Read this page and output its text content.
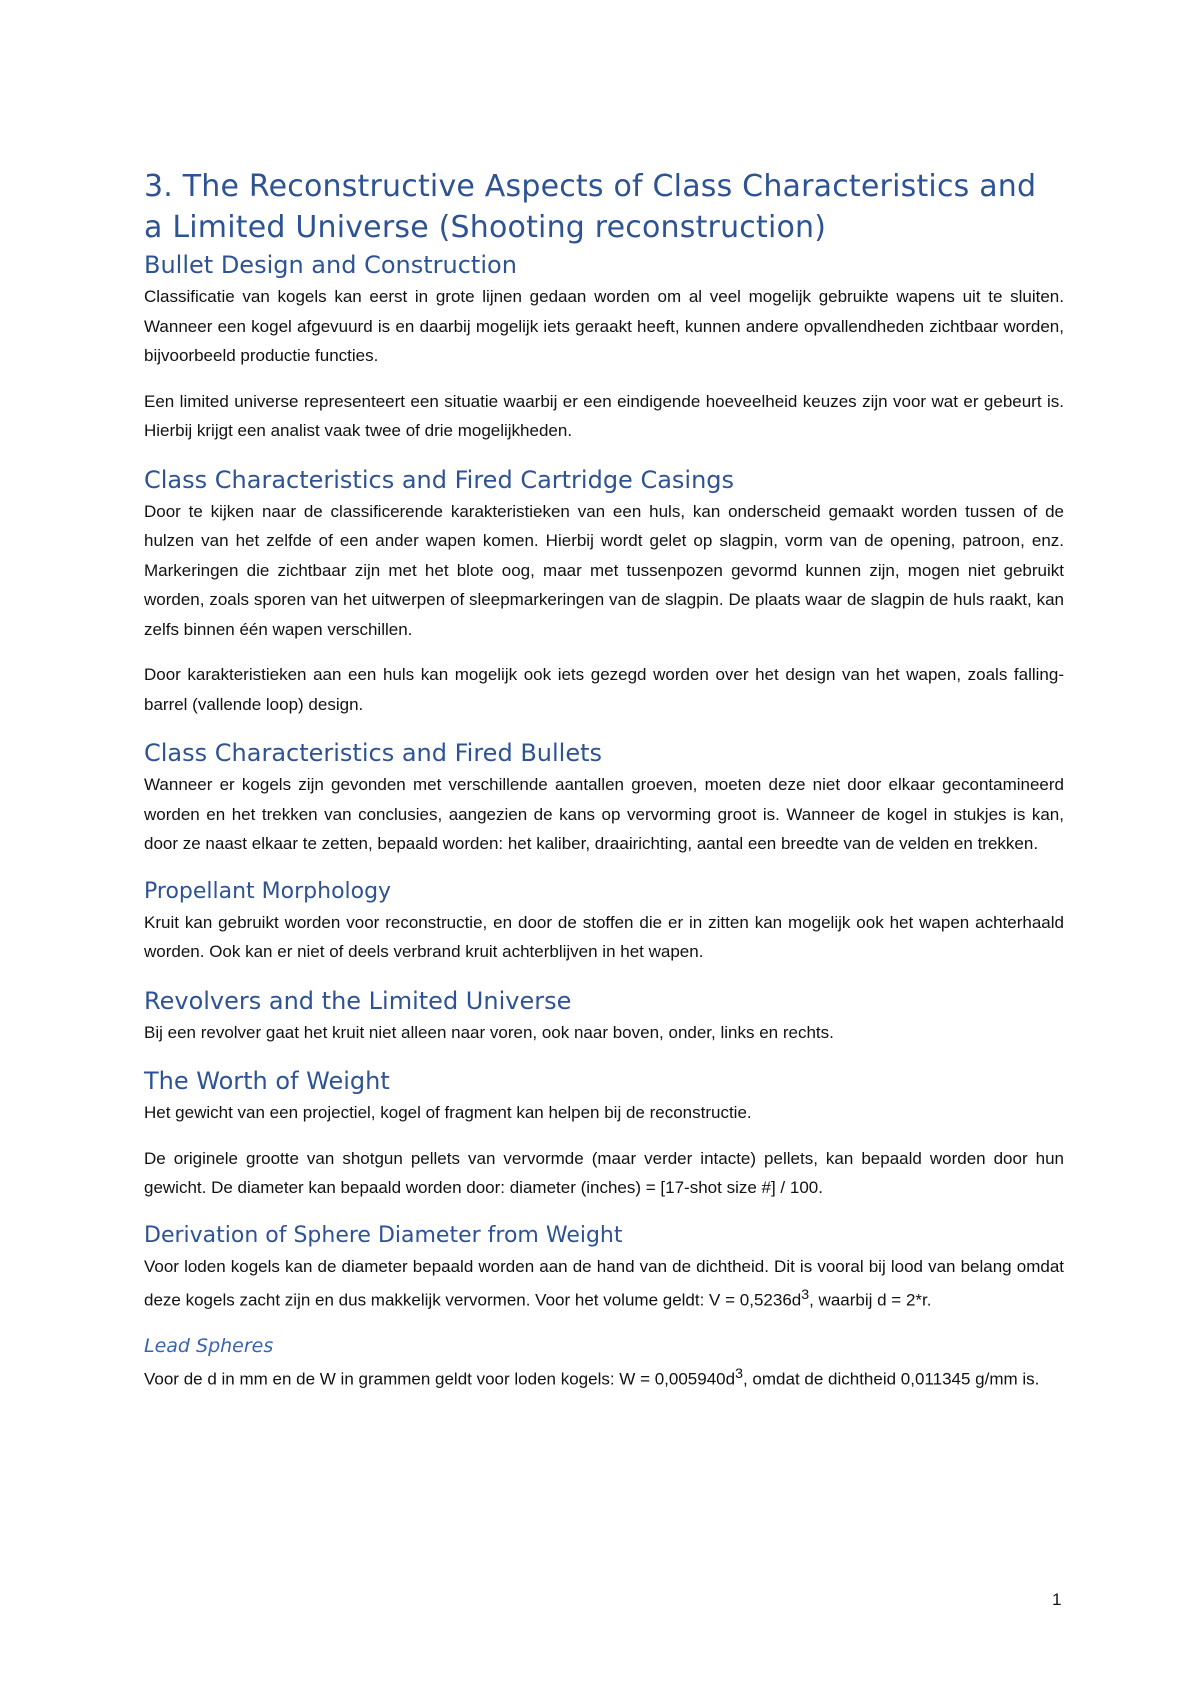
3. The Reconstructive Aspects of Class Characteristics and a Limited Universe (Shooting reconstruction)
Bullet Design and Construction

Classificatie van kogels kan eerst in grote lijnen gedaan worden om al veel mogelijk gebruikte wapens uit te sluiten. Wanneer een kogel afgevuurd is en daarbij mogelijk iets geraakt heeft, kunnen andere opvallendheden zichtbaar worden, bijvoorbeeld productie functies.

Een limited universe representeert een situatie waarbij er een eindigende hoeveelheid keuzes zijn voor wat er gebeurt is. Hierbij krijgt een analist vaak twee of drie mogelijkheden.

Class Characteristics and Fired Cartridge Casings

Door te kijken naar de classificerende karakteristieken van een huls, kan onderscheid gemaakt worden tussen of de hulzen van het zelfde of een ander wapen komen. Hierbij wordt gelet op slagpin, vorm van de opening, patroon, enz. Markeringen die zichtbaar zijn met het blote oog, maar met tussenpozen gevormd kunnen zijn, mogen niet gebruikt worden, zoals sporen van het uitwerpen of sleepmarkeringen van de slagpin. De plaats waar de slagpin de huls raakt, kan zelfs binnen één wapen verschillen.

Door karakteristieken aan een huls kan mogelijk ook iets gezegd worden over het design van het wapen, zoals falling-barrel (vallende loop) design.

Class Characteristics and Fired Bullets

Wanneer er kogels zijn gevonden met verschillende aantallen groeven, moeten deze niet door elkaar gecontamineerd worden en het trekken van conclusies, aangezien de kans op vervorming groot is. Wanneer de kogel in stukjes is kan, door ze naast elkaar te zetten, bepaald worden: het kaliber, draairichting, aantal een breedte van de velden en trekken.

Propellant Morphology

Kruit kan gebruikt worden voor reconstructie, en door de stoffen die er in zitten kan mogelijk ook het wapen achterhaald worden. Ook kan er niet of deels verbrand kruit achterblijven in het wapen.

Revolvers and the Limited Universe

Bij een revolver gaat het kruit niet alleen naar voren, ook naar boven, onder, links en rechts.

The Worth of Weight

Het gewicht van een projectiel, kogel of fragment kan helpen bij de reconstructie.

De originele grootte van shotgun pellets van vervormde (maar verder intacte) pellets, kan bepaald worden door hun gewicht. De diameter kan bepaald worden door: diameter (inches) = [17-shot size #] / 100.

Derivation of Sphere Diameter from Weight

Voor loden kogels kan de diameter bepaald worden aan de hand van de dichtheid. Dit is vooral bij lood van belang omdat deze kogels zacht zijn en dus makkelijk vervormen. Voor het volume geldt: $V = 0,5236d^3$, waarbij d = 2*r.

Lead Spheres

Voor de d in mm en de W in grammen geldt voor loden kogels: $W = 0,005940d^3$, omdat de dichtheid 0,011345 g/mm is.

1
